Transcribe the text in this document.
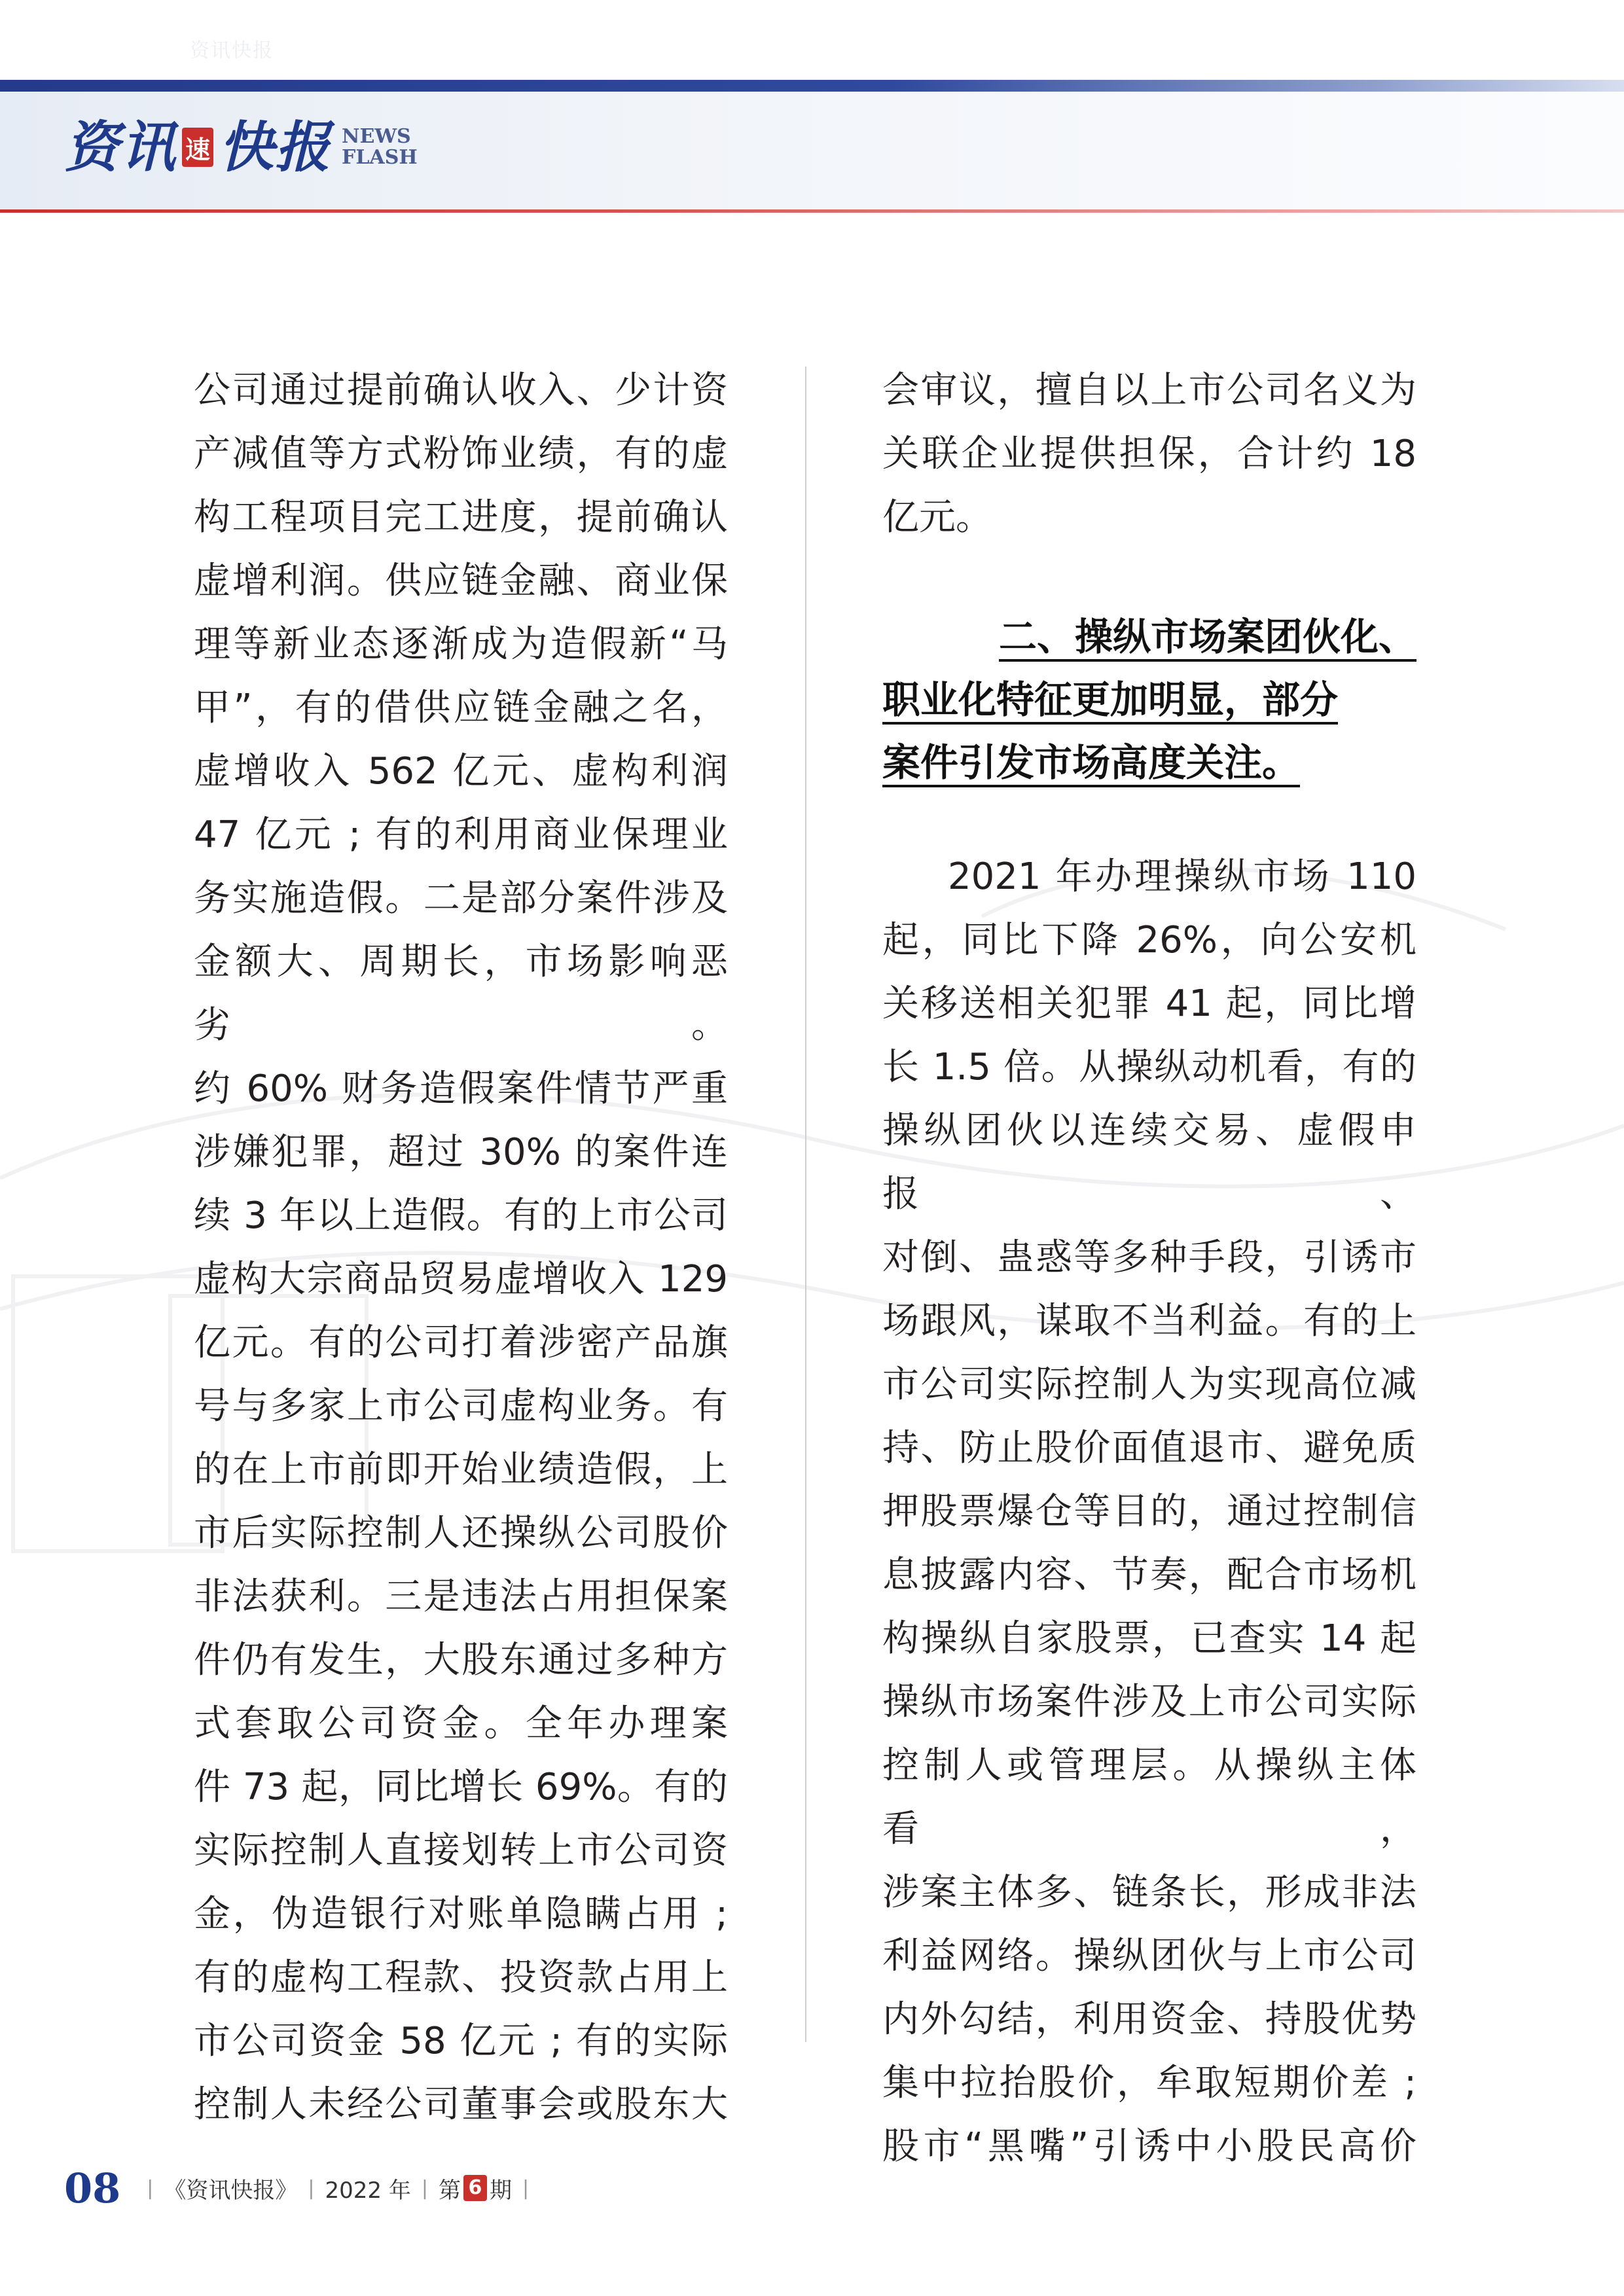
资讯快报
资讯 速 快报 NEWS
FLASH

公司通过提前确认收入、少计资

产减值等方式粉饰业绩，有的虚

构工程项目完工进度，提前确认

虚增利润。供应链金融、商业保

理等新业态逐渐成为造假新“马

甲”，有的借供应链金融之名，

虚增收入 562 亿元、虚构利润

47 亿元 ; 有的利用商业保理业

务实施造假。二是部分案件涉及

金额大、周期长，市场影响恶劣。

约 60% 财务造假案件情节严重

涉嫌犯罪，超过 30% 的案件连

续 3 年以上造假。有的上市公司

虚构大宗商品贸易虚增收入 129

亿元。有的公司打着涉密产品旗

号与多家上市公司虚构业务。有

的在上市前即开始业绩造假，上

市后实际控制人还操纵公司股价

非法获利。三是违法占用担保案

件仍有发生，大股东通过多种方

式套取公司资金。全年办理案

件 73 起，同比增长 69%。有的

实际控制人直接划转上市公司资

金，伪造银行对账单隐瞒占用 ;

有的虚构工程款、投资款占用上

市公司资金 58 亿元 ; 有的实际

控制人未经公司董事会或股东大

会审议，擅自以上市公司名义为

关联企业提供担保，合计约 18

亿元。

二、操纵市场案团伙化、
职业化特征更加明显，部分
案件引发市场高度关注。

2021 年办理操纵市场 110

起，同比下降 26%，向公安机

关移送相关犯罪 41 起，同比增

长 1.5 倍。从操纵动机看，有的

操纵团伙以连续交易、虚假申报、

对倒、蛊惑等多种手段，引诱市

场跟风，谋取不当利益。有的上

市公司实际控制人为实现高位减

持、防止股价面值退市、避免质

押股票爆仓等目的，通过控制信

息披露内容、节奏，配合市场机

构操纵自家股票，已查实 14 起

操纵市场案件涉及上市公司实际

控制人或管理层。从操纵主体看，

涉案主体多、链条长，形成非法

利益网络。操纵团伙与上市公司

内外勾结，利用资金、持股优势

集中拉抬股价，牟取短期价差 ;

股市“黑嘴”引诱中小股民高价

08 | 《资讯快报》 | 2022 年 | 第 6 期 |
